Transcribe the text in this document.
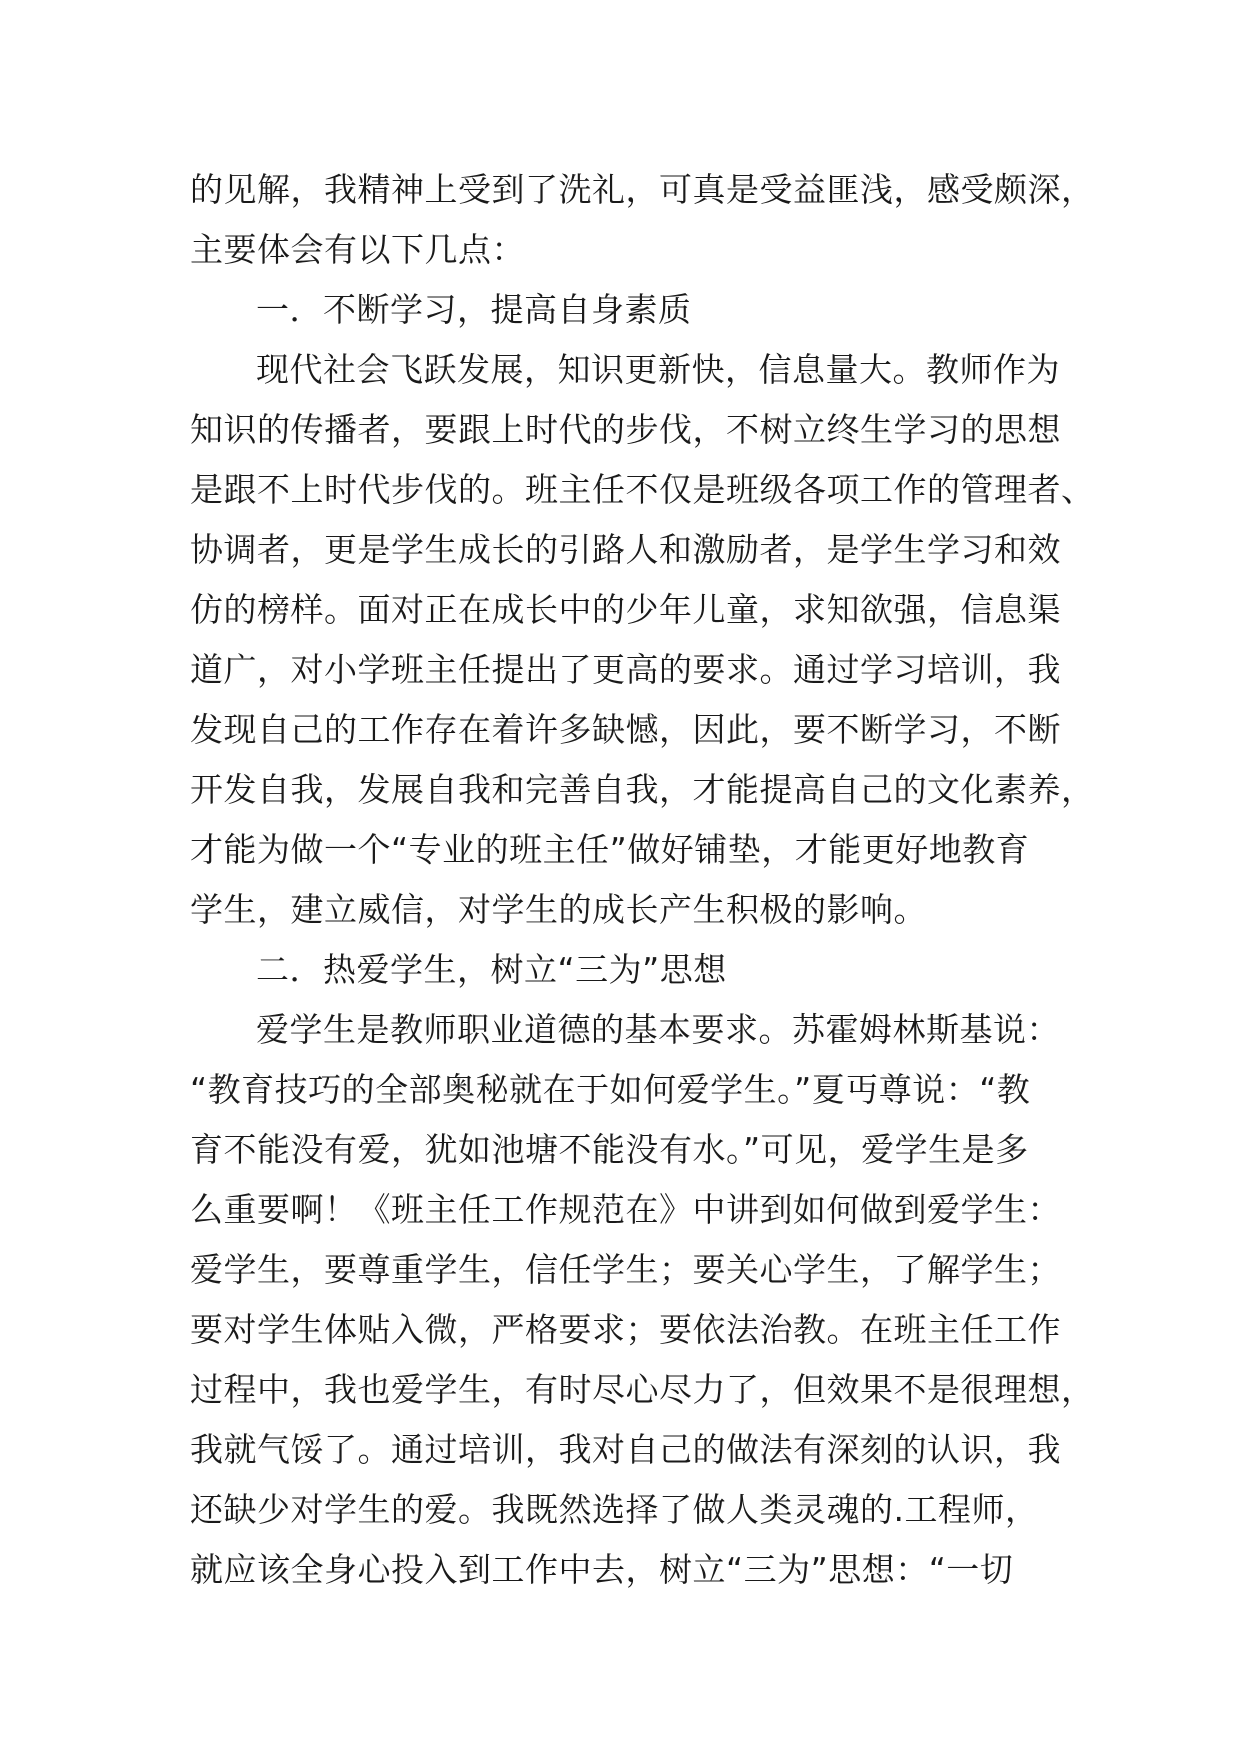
的见解，我精神上受到了洗礼，可真是受益匪浅，感受颇深，
主要体会有以下几点：
一．不断学习，提高自身素质
现代社会飞跃发展，知识更新快，信息量大。教师作为
知识的传播者，要跟上时代的步伐，不树立终生学习的思想
是跟不上时代步伐的。班主任不仅是班级各项工作的管理者、
协调者，更是学生成长的引路人和激励者，是学生学习和效
仿的榜样。面对正在成长中的少年儿童，求知欲强，信息渠
道广，对小学班主任提出了更高的要求。通过学习培训，我
发现自己的工作存在着许多缺憾，因此，要不断学习，不断
开发自我，发展自我和完善自我，才能提高自己的文化素养，
才能为做一个“专业的班主任”做好铺垫，才能更好地教育
学生，建立威信，对学生的成长产生积极的影响。
二．热爱学生，树立“三为”思想
爱学生是教师职业道德的基本要求。苏霍姆林斯基说：
“教育技巧的全部奥秘就在于如何爱学生。”夏丏尊说：“教
育不能没有爱，犹如池塘不能没有水。”可见，爱学生是多
么重要啊！《班主任工作规范在》中讲到如何做到爱学生：
爱学生，要尊重学生，信任学生；要关心学生，了解学生；
要对学生体贴入微，严格要求；要依法治教。在班主任工作
过程中，我也爱学生，有时尽心尽力了，但效果不是很理想，
我就气馁了。通过培训，我对自己的做法有深刻的认识，我
还缺少对学生的爱。我既然选择了做人类灵魂的.工程师，
就应该全身心投入到工作中去，树立“三为”思想：“一切
